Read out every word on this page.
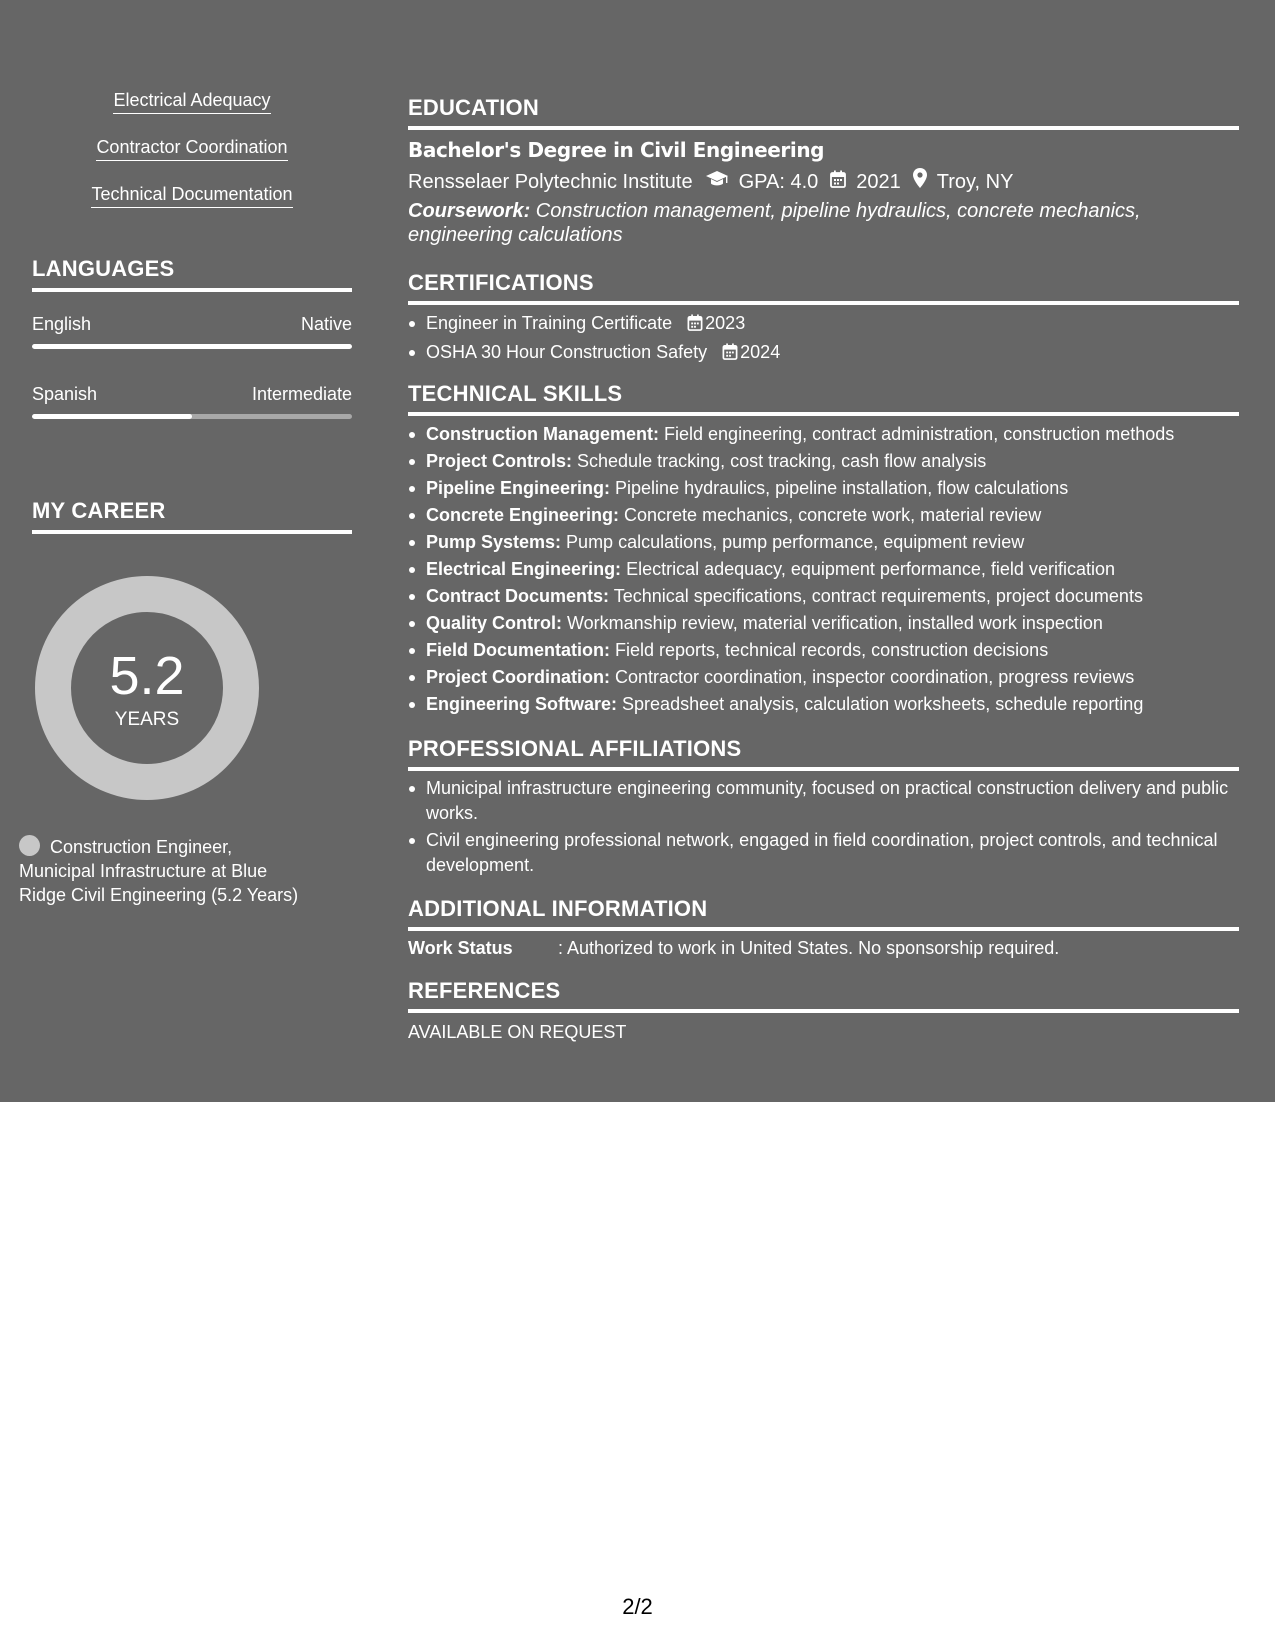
Electrical Adequacy
Contractor Coordination
Technical Documentation
LANGUAGES
English	Native
Spanish	Intermediate
MY CAREER
5.2
YEARS
Construction Engineer, Municipal Infrastructure at Blue Ridge Civil Engineering (5.2 Years)
EDUCATION
Bachelor's Degree in Civil Engineering
Rensselaer Polytechnic Institute GPA: 4.0 2021 Troy, NY
Coursework: Construction management, pipeline hydraulics, concrete mechanics, engineering calculations
CERTIFICATIONS
Engineer in Training Certificate 2023
OSHA 30 Hour Construction Safety 2024
TECHNICAL SKILLS
Construction Management: Field engineering, contract administration, construction methods
Project Controls: Schedule tracking, cost tracking, cash flow analysis
Pipeline Engineering: Pipeline hydraulics, pipeline installation, flow calculations
Concrete Engineering: Concrete mechanics, concrete work, material review
Pump Systems: Pump calculations, pump performance, equipment review
Electrical Engineering: Electrical adequacy, equipment performance, field verification
Contract Documents: Technical specifications, contract requirements, project documents
Quality Control: Workmanship review, material verification, installed work inspection
Field Documentation: Field reports, technical records, construction decisions
Project Coordination: Contractor coordination, inspector coordination, progress reviews
Engineering Software: Spreadsheet analysis, calculation worksheets, schedule reporting
PROFESSIONAL AFFILIATIONS
Municipal infrastructure engineering community, focused on practical construction delivery and public works.
Civil engineering professional network, engaged in field coordination, project controls, and technical development.
ADDITIONAL INFORMATION
Work Status	: Authorized to work in United States. No sponsorship required.
REFERENCES
AVAILABLE ON REQUEST
2/2
